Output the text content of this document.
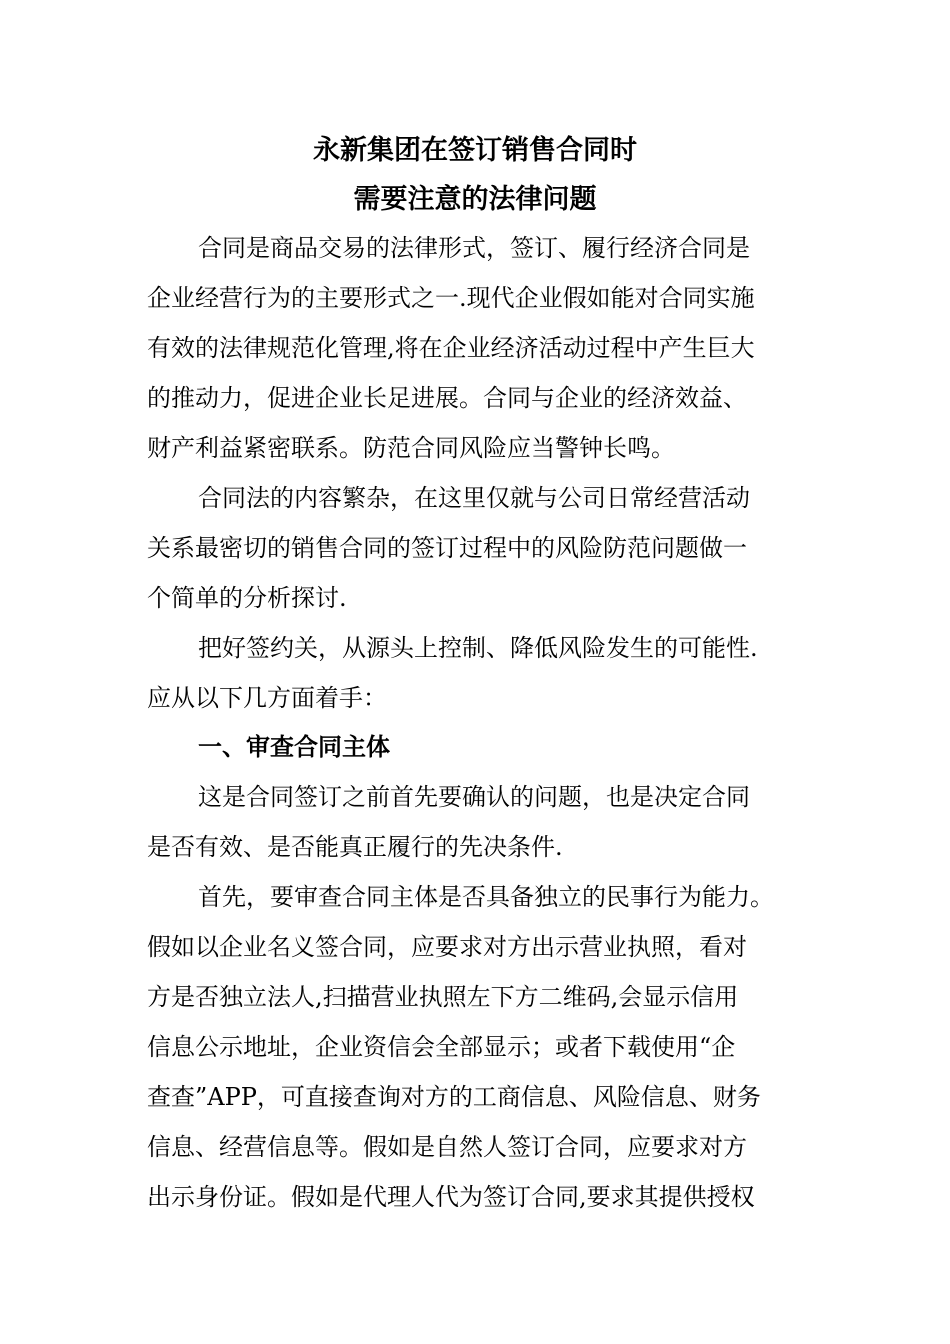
永新集团在签订销售合同时
需要注意的法律问题
合同是商品交易的法律形式，签订、履行经济合同是
企业经营行为的主要形式之一.现代企业假如能对合同实施
有效的法律规范化管理,将在企业经济活动过程中产生巨大
的推动力，促进企业长足进展。合同与企业的经济效益、
财产利益紧密联系。防范合同风险应当警钟长鸣。
合同法的内容繁杂，在这里仅就与公司日常经营活动
关系最密切的销售合同的签订过程中的风险防范问题做一
个简单的分析探讨.
把好签约关，从源头上控制、降低风险发生的可能性.
应从以下几方面着手：
一、审查合同主体
这是合同签订之前首先要确认的问题，也是决定合同
是否有效、是否能真正履行的先决条件.
首先，要审查合同主体是否具备独立的民事行为能力。
假如以企业名义签合同，应要求对方出示营业执照，看对
方是否独立法人,扫描营业执照左下方二维码,会显示信用
信息公示地址，企业资信会全部显示；或者下载使用“企
查查”APP，可直接查询对方的工商信息、风险信息、财务
信息、经营信息等。假如是自然人签订合同，应要求对方
出示身份证。假如是代理人代为签订合同,要求其提供授权
